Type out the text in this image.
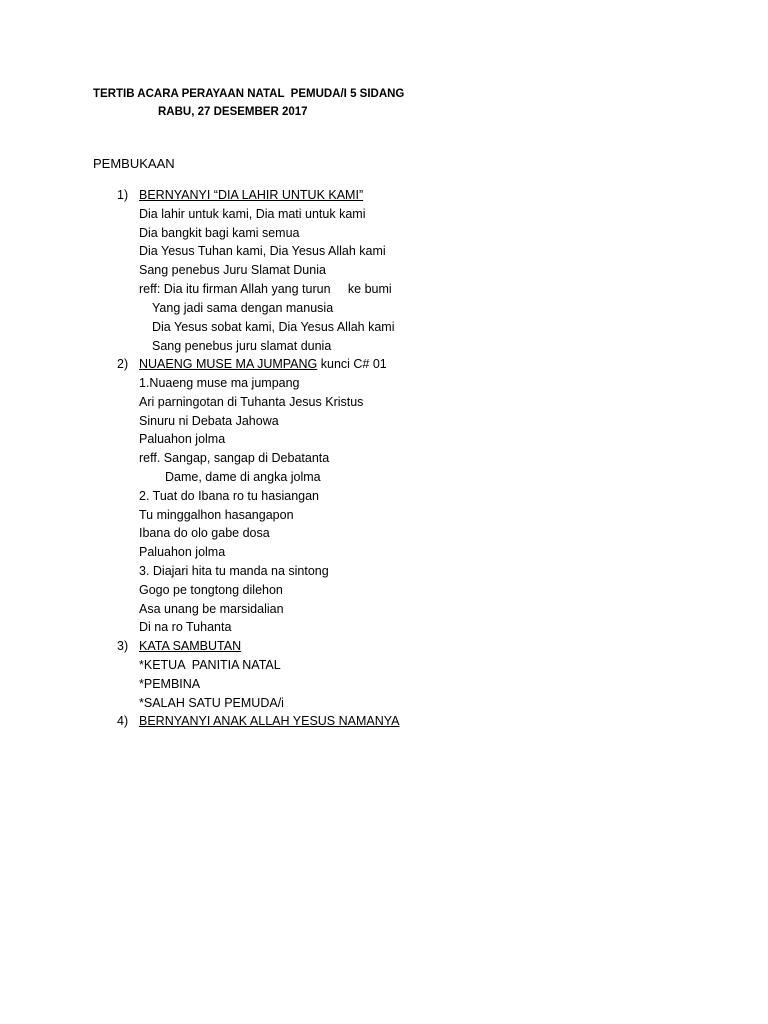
TERTIB ACARA PERAYAAN NATAL  PEMUDA/I 5 SIDANG
RABU, 27 DESEMBER 2017
PEMBUKAAN
1) BERNYANYI “DIA LAHIR UNTUK KAMI”
Dia lahir untuk kami, Dia mati untuk kami
Dia bangkit bagi kami semua
Dia Yesus Tuhan kami, Dia Yesus Allah kami
Sang penebus Juru Slamat Dunia
reff: Dia itu firman Allah yang turun     ke bumi
Yang jadi sama dengan manusia
Dia Yesus sobat kami, Dia Yesus Allah kami
Sang penebus juru slamat dunia
2) NUAENG MUSE MA JUMPANG kunci C# 01
1.Nuaeng muse ma jumpang
Ari parningotan di Tuhanta Jesus Kristus
Sinuru ni Debata Jahowa
Paluahon jolma
reff. Sangap, sangap di Debatanta
Dame, dame di angka jolma
2. Tuat do Ibana ro tu hasiangan
Tu minggalhon hasangapon
Ibana do olo gabe dosa
Paluahon jolma
3. Diajari hita tu manda na sintong
Gogo pe tongtong dilehon
Asa unang be marsidalian
Di na ro Tuhanta
3) KATA SAMBUTAN
*KETUA  PANITIA NATAL
*PEMBINA
*SALAH SATU PEMUDA/i
4) BERNYANYI ANAK ALLAH YESUS NAMANYA
